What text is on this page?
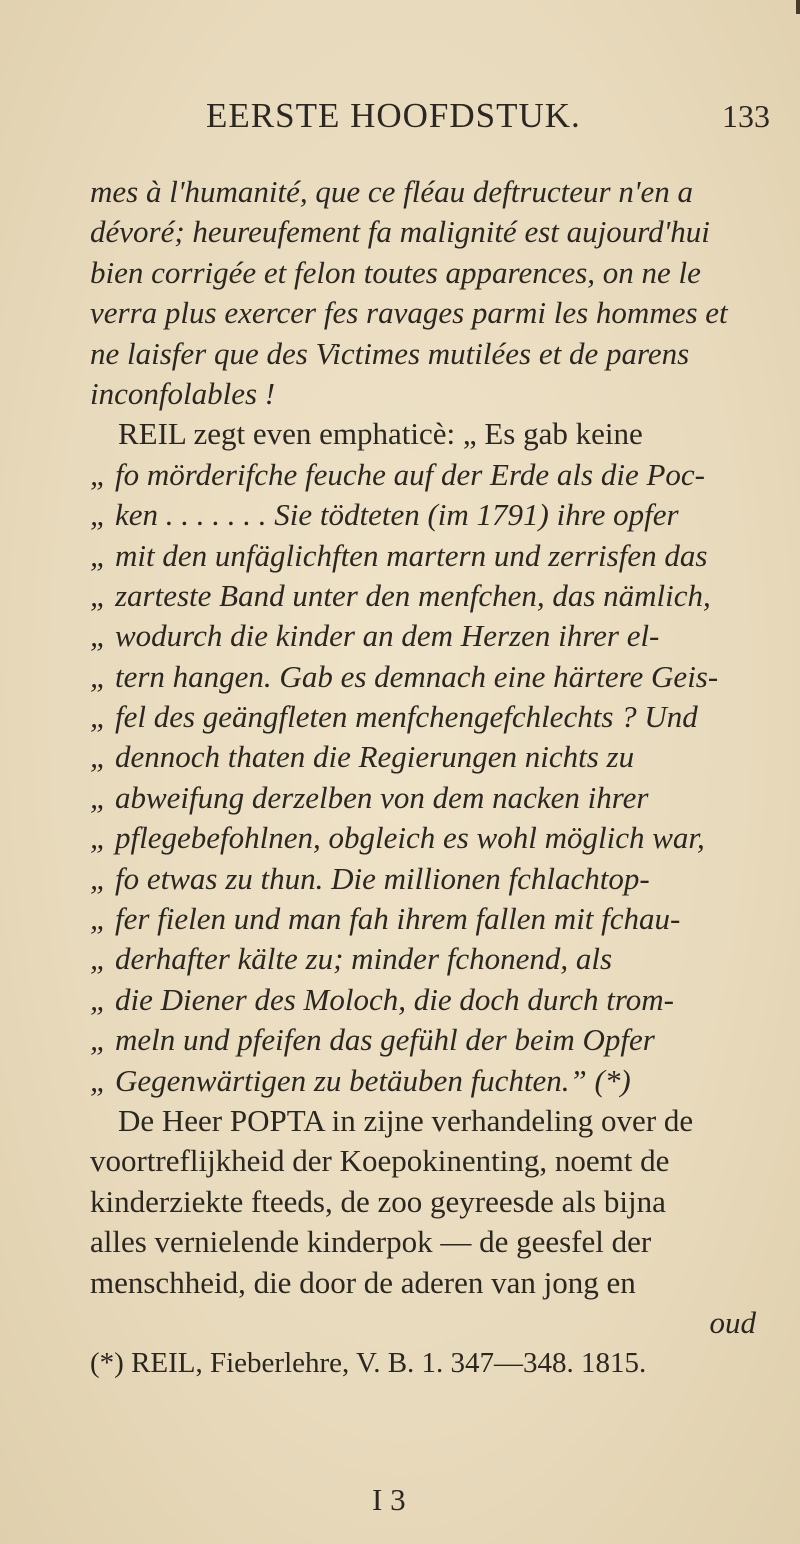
EERSTE HOOFDSTUK.	133
mes à l'humanité, que ce fléau deftructeur n'en a
dévoré; heureufement fa malignité est aujourd'hui
bien corrigée et felon toutes apparences, on ne le
verra plus exercer fes ravages parmi les hommes et
ne laisfer que des Victimes mutilées et de parens
inconfolables !
REIL zegt even emphaticè: „ Es gab keine
„ fo mörderifche feuche auf der Erde als die Poc-
„ ken . . . . . . . Sie tödteten (im 1791) ihre opfer
„ mit den unfäglichften martern und zerrisfen das
„ zarteste Band unter den menfchen, das nämlich,
„ wodurch die kinder an dem Herzen ihrer el-
„ tern hangen. Gab es demnach eine härtere Geis-
„ fel des geängfleten menfchengefchlechts ? Und
„ dennoch thaten die Regierungen nichts zu
„ abweifung derzelben von dem nacken ihrer
„ pflegebefohlnen, obgleich es wohl möglich war,
„ fo etwas zu thun. Die millionen fchlachtop-
„ fer fielen und man fah ihrem fallen mit fchau-
„ derhafter kälte zu; minder fchonend, als
„ die Diener des Moloch, die doch durch trom-
„ meln und pfeifen das gefühl der beim Opfer
„ Gegenwärtigen zu betäuben fuchten.” (*)
De Heer POPTA in zijne verhandeling over de
voortreflijkheid der Koepokinenting, noemt de
kinderziekte fteeds, de zoo geyreesde als bijna
alles vernielende kinderpok — de geesfel der
menschheid, die door de aderen van jong en
oud
(*) REIL, Fieberlehre, V. B. 1. 347—348. 1815.
I 3
